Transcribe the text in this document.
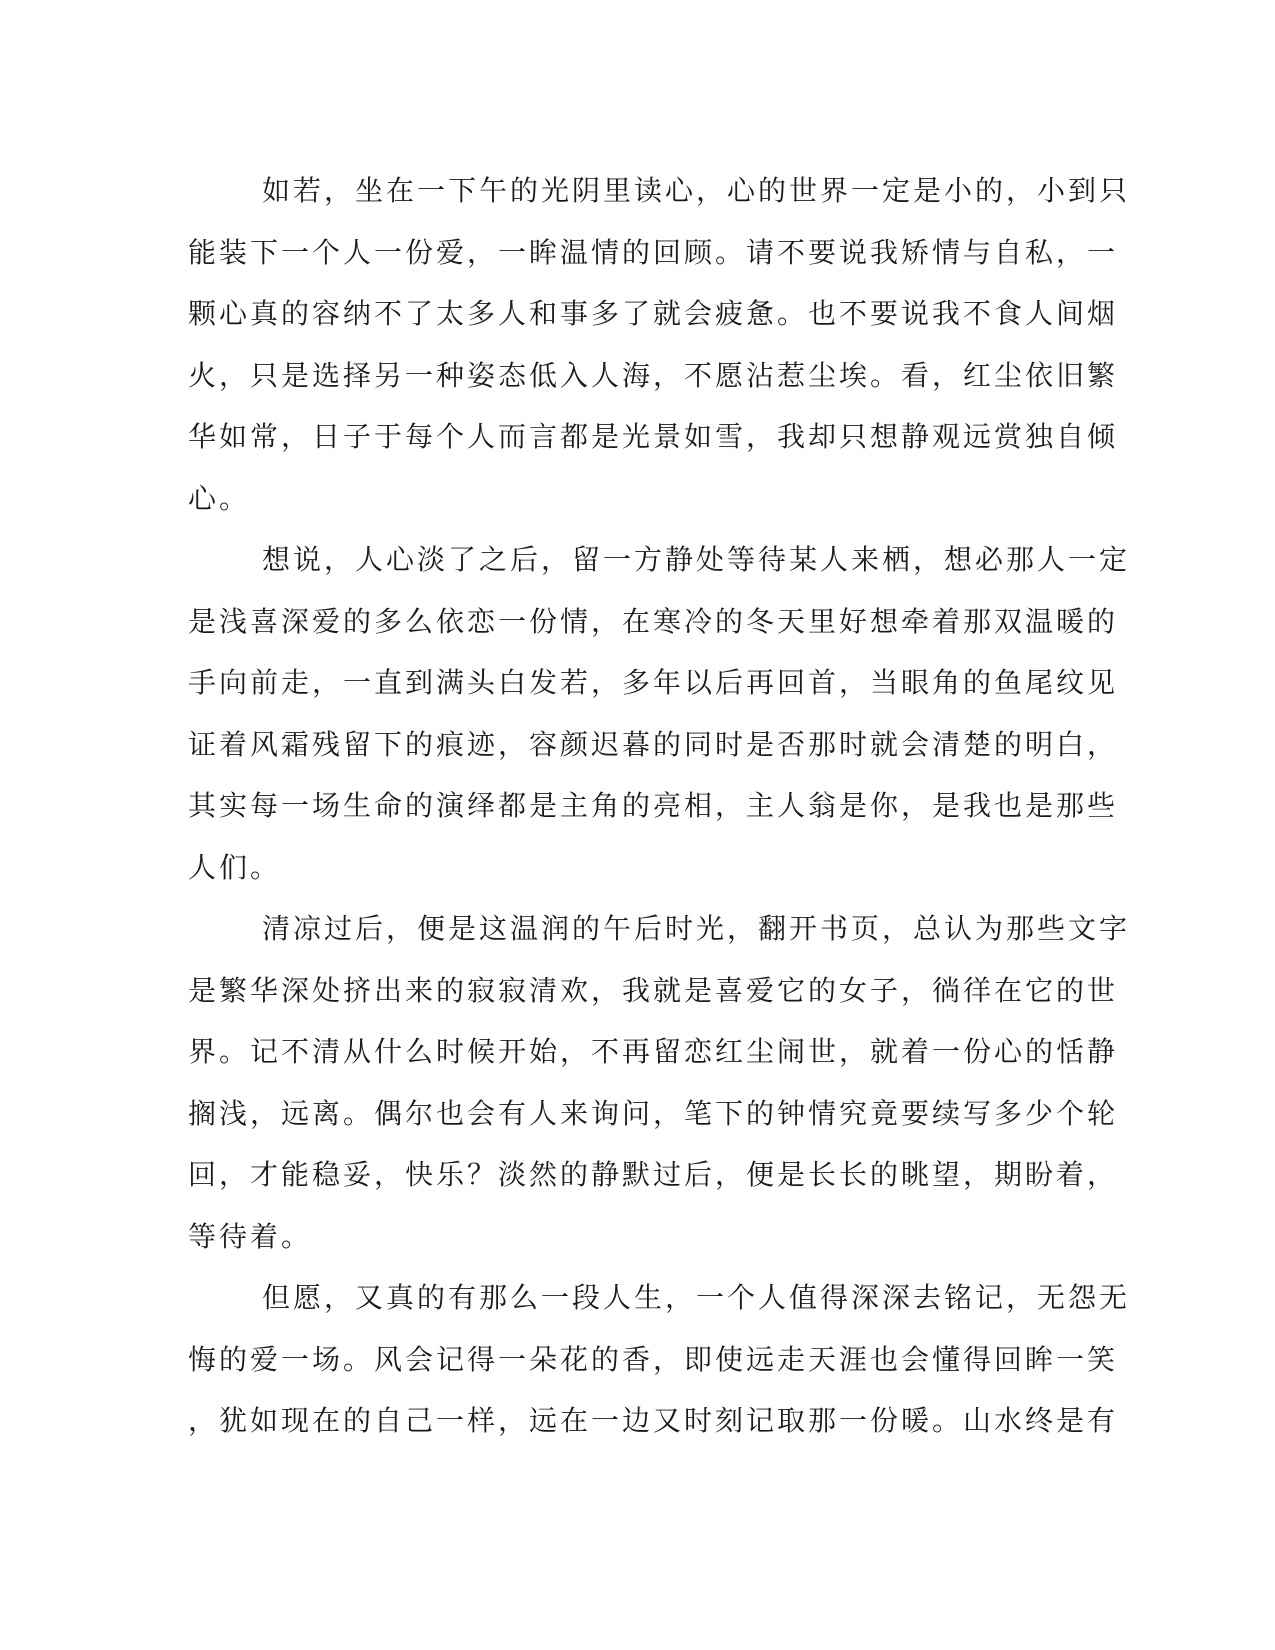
如若，坐在一下午的光阴里读心，心的世界一定是小的，小到只
能装下一个人一份爱，一眸温情的回顾。请不要说我矫情与自私，一
颗心真的容纳不了太多人和事多了就会疲惫。也不要说我不食人间烟
火，只是选择另一种姿态低入人海，不愿沾惹尘埃。看，红尘依旧繁
华如常，日子于每个人而言都是光景如雪，我却只想静观远赏独自倾
心。
想说，人心淡了之后，留一方静处等待某人来栖，想必那人一定
是浅喜深爱的多么依恋一份情，在寒冷的冬天里好想牵着那双温暖的
手向前走，一直到满头白发若，多年以后再回首，当眼角的鱼尾纹见
证着风霜残留下的痕迹，容颜迟暮的同时是否那时就会清楚的明白，
其实每一场生命的演绎都是主角的亮相，主人翁是你，是我也是那些
人们。
清凉过后，便是这温润的午后时光，翻开书页，总认为那些文字
是繁华深处挤出来的寂寂清欢，我就是喜爱它的女子，徜徉在它的世
界。记不清从什么时候开始，不再留恋红尘闹世，就着一份心的恬静
搁浅，远离。偶尔也会有人来询问，笔下的钟情究竟要续写多少个轮
回，才能稳妥，快乐？淡然的静默过后，便是长长的眺望，期盼着，
等待着。
但愿，又真的有那么一段人生，一个人值得深深去铭记，无怨无
悔的爱一场。风会记得一朵花的香，即使远走天涯也会懂得回眸一笑
，犹如现在的自己一样，远在一边又时刻记取那一份暖。山水终是有
